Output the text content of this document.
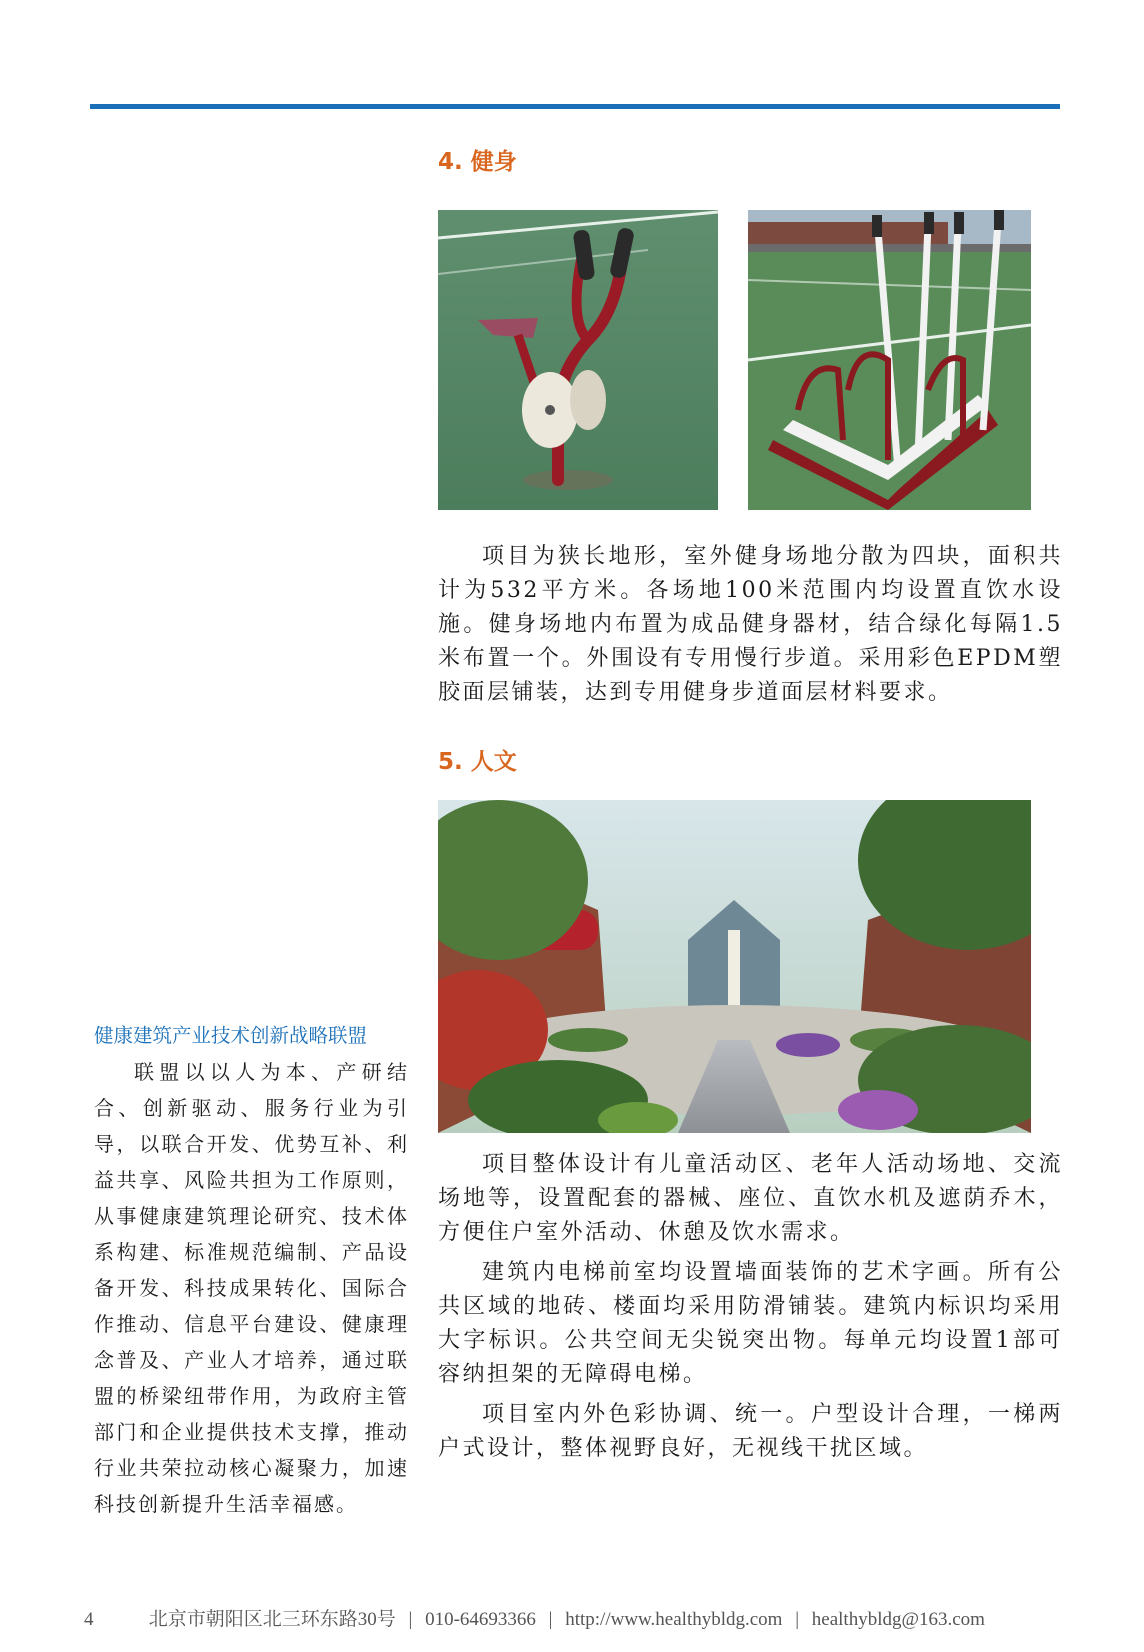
4. 健身

项目为狭长地形，室外健身场地分散为四块，面积共计为532平方米。各场地100米范围内均设置直饮水设施。健身场地内布置为成品健身器材，结合绿化每隔1.5米布置一个。外围设有专用慢行步道。采用彩色EPDM塑胶面层铺装，达到专用健身步道面层材料要求。

5. 人文

项目整体设计有儿童活动区、老年人活动场地、交流场地等，设置配套的器械、座位、直饮水机及遮荫乔木，方便住户室外活动、休憩及饮水需求。

建筑内电梯前室均设置墙面装饰的艺术字画。所有公共区域的地砖、楼面均采用防滑铺装。建筑内标识均采用大字标识。公共空间无尖锐突出物。每单元均设置1部可容纳担架的无障碍电梯。

项目室内外色彩协调、统一。户型设计合理，一梯两户式设计，整体视野良好，无视线干扰区域。

健康建筑产业技术创新战略联盟

联盟以以人为本、产研结合、创新驱动、服务行业为引导，以联合开发、优势互补、利益共享、风险共担为工作原则，从事健康建筑理论研究、技术体系构建、标准规范编制、产品设备开发、科技成果转化、国际合作推动、信息平台建设、健康理念普及、产业人才培养，通过联盟的桥梁纽带作用，为政府主管部门和企业提供技术支撑，推动行业共荣拉动核心凝聚力，加速科技创新提升生活幸福感。

4	北京市朝阳区北三环东路30号 | 010-64693366 | http://www.healthybldg.com | healthybldg@163.com
